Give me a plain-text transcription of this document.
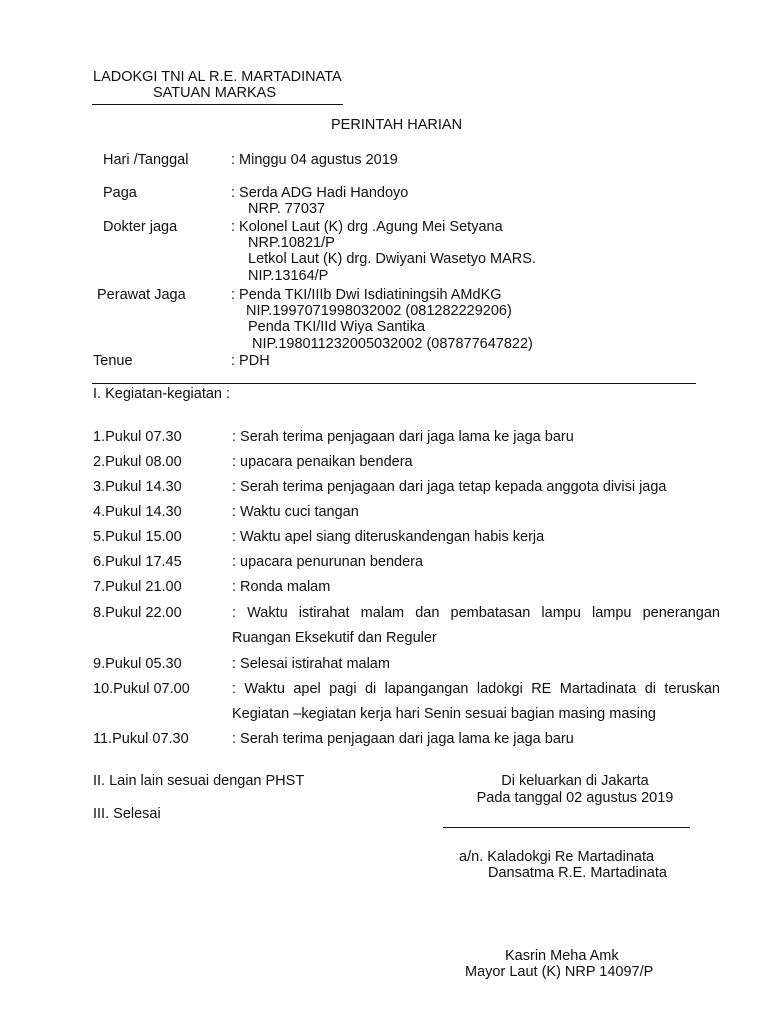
LADOKGI TNI AL R.E. MARTADINATA
SATUAN MARKAS
PERINTAH HARIAN
Hari /Tanggal	: Minggu 04 agustus 2019
Paga	: Serda ADG Hadi Handoyo
NRP. 77037
Dokter jaga	: Kolonel Laut (K) drg .Agung Mei Setyana
NRP.10821/P
Letkol Laut (K) drg. Dwiyani Wasetyo MARS.
NIP.13164/P
Perawat Jaga	: Penda TKI/IIIb Dwi Isdiatiningsih AMdKG
NIP.1997071998032002 (081282229206)
Penda TKI/IId Wiya Santika
NIP.198011232005032002 (087877647822)
Tenue	: PDH
I. Kegiatan-kegiatan :
1.Pukul 07.30	: Serah terima penjagaan dari jaga lama ke jaga baru
2.Pukul 08.00	: upacara penaikan bendera
3.Pukul 14.30	: Serah terima penjagaan dari jaga tetap kepada anggota divisi jaga
4.Pukul 14.30	: Waktu cuci tangan
5.Pukul 15.00	: Waktu apel siang diteruskandengan habis kerja
6.Pukul 17.45	: upacara penurunan bendera
7.Pukul 21.00	: Ronda malam
8.Pukul 22.00	: Waktu istirahat malam dan pembatasan lampu lampu penerangan
Ruangan Eksekutif dan Reguler
9.Pukul 05.30	: Selesai istirahat malam
10.Pukul 07.00	: Waktu apel pagi di lapangangan ladokgi RE Martadinata di teruskan
Kegiatan –kegiatan kerja hari Senin sesuai bagian masing masing
11.Pukul 07.30	: Serah terima penjagaan dari jaga lama ke jaga baru
II. Lain lain sesuai dengan PHST
III. Selesai
Di keluarkan di Jakarta
Pada tanggal 02 agustus 2019
a/n. Kaladokgi Re Martadinata
Dansatma R.E. Martadinata
Kasrin Meha Amk
Mayor Laut (K) NRP 14097/P
